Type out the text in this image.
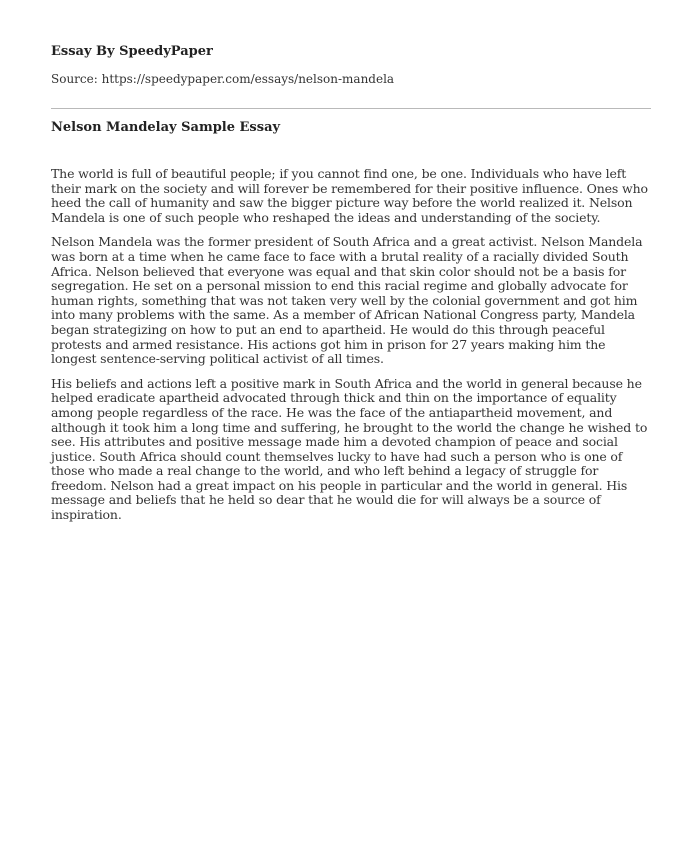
Essay By SpeedyPaper
Source: https://speedypaper.com/essays/nelson-mandela
Nelson Mandelay Sample Essay

The world is full of beautiful people; if you cannot find one, be one. Individuals who have left their mark on the society and will forever be remembered for their positive influence. Ones who heed the call of humanity and saw the bigger picture way before the world realized it. Nelson Mandela is one of such people who reshaped the ideas and understanding of the society.

Nelson Mandela was the former president of South Africa and a great activist. Nelson Mandela was born at a time when he came face to face with a brutal reality of a racially divided South Africa. Nelson believed that everyone was equal and that skin color should not be a basis for segregation. He set on a personal mission to end this racial regime and globally advocate for human rights, something that was not taken very well by the colonial government and got him into many problems with the same. As a member of African National Congress party, Mandela began strategizing on how to put an end to apartheid. He would do this through peaceful protests and armed resistance. His actions got him in prison for 27 years making him the longest sentence-serving political activist of all times.

His beliefs and actions left a positive mark in South Africa and the world in general because he helped eradicate apartheid advocated through thick and thin on the importance of equality among people regardless of the race. He was the face of the antiapartheid movement, and although it took him a long time and suffering, he brought to the world the change he wished to see. His attributes and positive message made him a devoted champion of peace and social justice. South Africa should count themselves lucky to have had such a person who is one of those who made a real change to the world, and who left behind a legacy of struggle for freedom. Nelson had a great impact on his people in particular and the world in general. His message and beliefs that he held so dear that he would die for will always be a source of inspiration.
